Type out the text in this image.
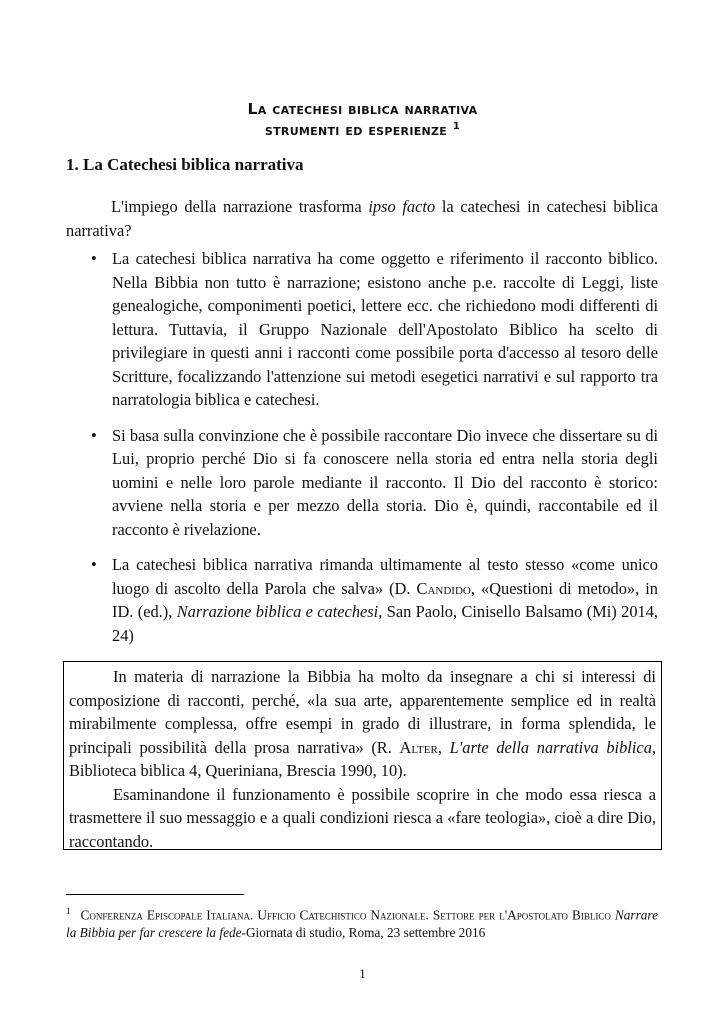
La catechesi biblica narrativa
strumenti ed esperienze $^1$
1. La Catechesi biblica narrativa

L'impiego della narrazione trasforma ipso facto la catechesi in catechesi biblica narrativa?

• La catechesi biblica narrativa ha come oggetto e riferimento il racconto biblico. Nella Bibbia non tutto è narrazione; esistono anche p.e. raccolte di Leggi, liste genealogiche, componimenti poetici, lettere ecc. che richiedono modi differenti di lettura. Tuttavia, il Gruppo Nazionale dell'Apostolato Biblico ha scelto di privilegiare in questi anni i racconti come possibile porta d'accesso al tesoro delle Scritture, focalizzando l'attenzione sui metodi esegetici narrativi e sul rapporto tra narratologia biblica e catechesi.
• Si basa sulla convinzione che è possibile raccontare Dio invece che dissertare su di Lui, proprio perché Dio si fa conoscere nella storia ed entra nella storia degli uomini e nelle loro parole mediante il racconto. Il Dio del racconto è storico: avviene nella storia e per mezzo della storia. Dio è, quindi, raccontabile ed il racconto è rivelazione.
• La catechesi biblica narrativa rimanda ultimamente al testo stesso «come unico luogo di ascolto della Parola che salva» (D. Candido, «Questioni di metodo», in ID. (ed.), Narrazione biblica e catechesi, San Paolo, Cinisello Balsamo (Mi) 2014, 24)

In materia di narrazione la Bibbia ha molto da insegnare a chi si interessi di composizione di racconti, perché, «la sua arte, apparentemente semplice ed in realtà mirabilmente complessa, offre esempi in grado di illustrare, in forma splendida, le principali possibilità della prosa narrativa» (R. Alter, L'arte della narrativa biblica, Biblioteca biblica 4, Queriniana, Brescia 1990, 10).

Esaminandone il funzionamento è possibile scoprire in che modo essa riesca a trasmettere il suo messaggio e a quali condizioni riesca a «fare teologia», cioè a dire Dio, raccontando.

$^1$ Conferenza Episcopale Italiana. Ufficio Catechistico Nazionale. Settore per l'Apostolato Biblico Narrare la Bibbia per far crescere la fede-Giornata di studio, Roma, 23 settembre 2016
1
